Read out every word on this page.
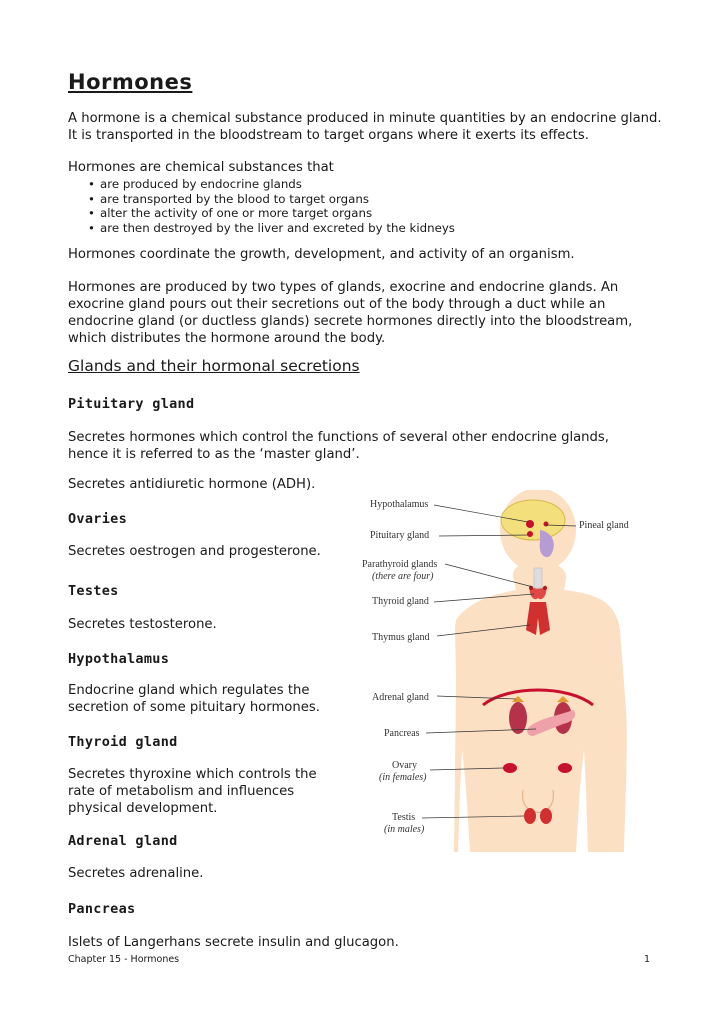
Hormones
A hormone is a chemical substance produced in minute quantities by an endocrine gland. It is transported in the bloodstream to target organs where it exerts its effects.
Hormones are chemical substances that
• are produced by endocrine glands
• are transported by the blood to target organs
• alter the activity of one or more target organs
• are then destroyed by the liver and excreted by the kidneys
Hormones coordinate the growth, development, and activity of an organism.
Hormones are produced by two types of glands, exocrine and endocrine glands. An exocrine gland pours out their secretions out of the body through a duct while an endocrine gland (or ductless glands) secrete hormones directly into the bloodstream, which distributes the hormone around the body.
Glands and their hormonal secretions
Pituitary gland
Secretes hormones which control the functions of several other endocrine glands, hence it is referred to as the ‘master gland’.
Secretes antidiuretic hormone (ADH).
Ovaries
Secretes oestrogen and progesterone.
Testes
Secretes testosterone.
Hypothalamus
Endocrine gland which regulates the secretion of some pituitary hormones.
Thyroid gland
Secretes thyroxine which controls the rate of metabolism and influences physical development.
Adrenal gland
Secretes adrenaline.
Pancreas
Islets of Langerhans secrete insulin and glucagon.
Hypothalamus
Pituitary gland
Pineal gland
Parathyroid glands
(there are four)
Thyroid gland
Thymus gland
Adrenal gland
Pancreas
Ovary
(in females)
Testis
(in males)
Chapter 15 - Hormones	1
